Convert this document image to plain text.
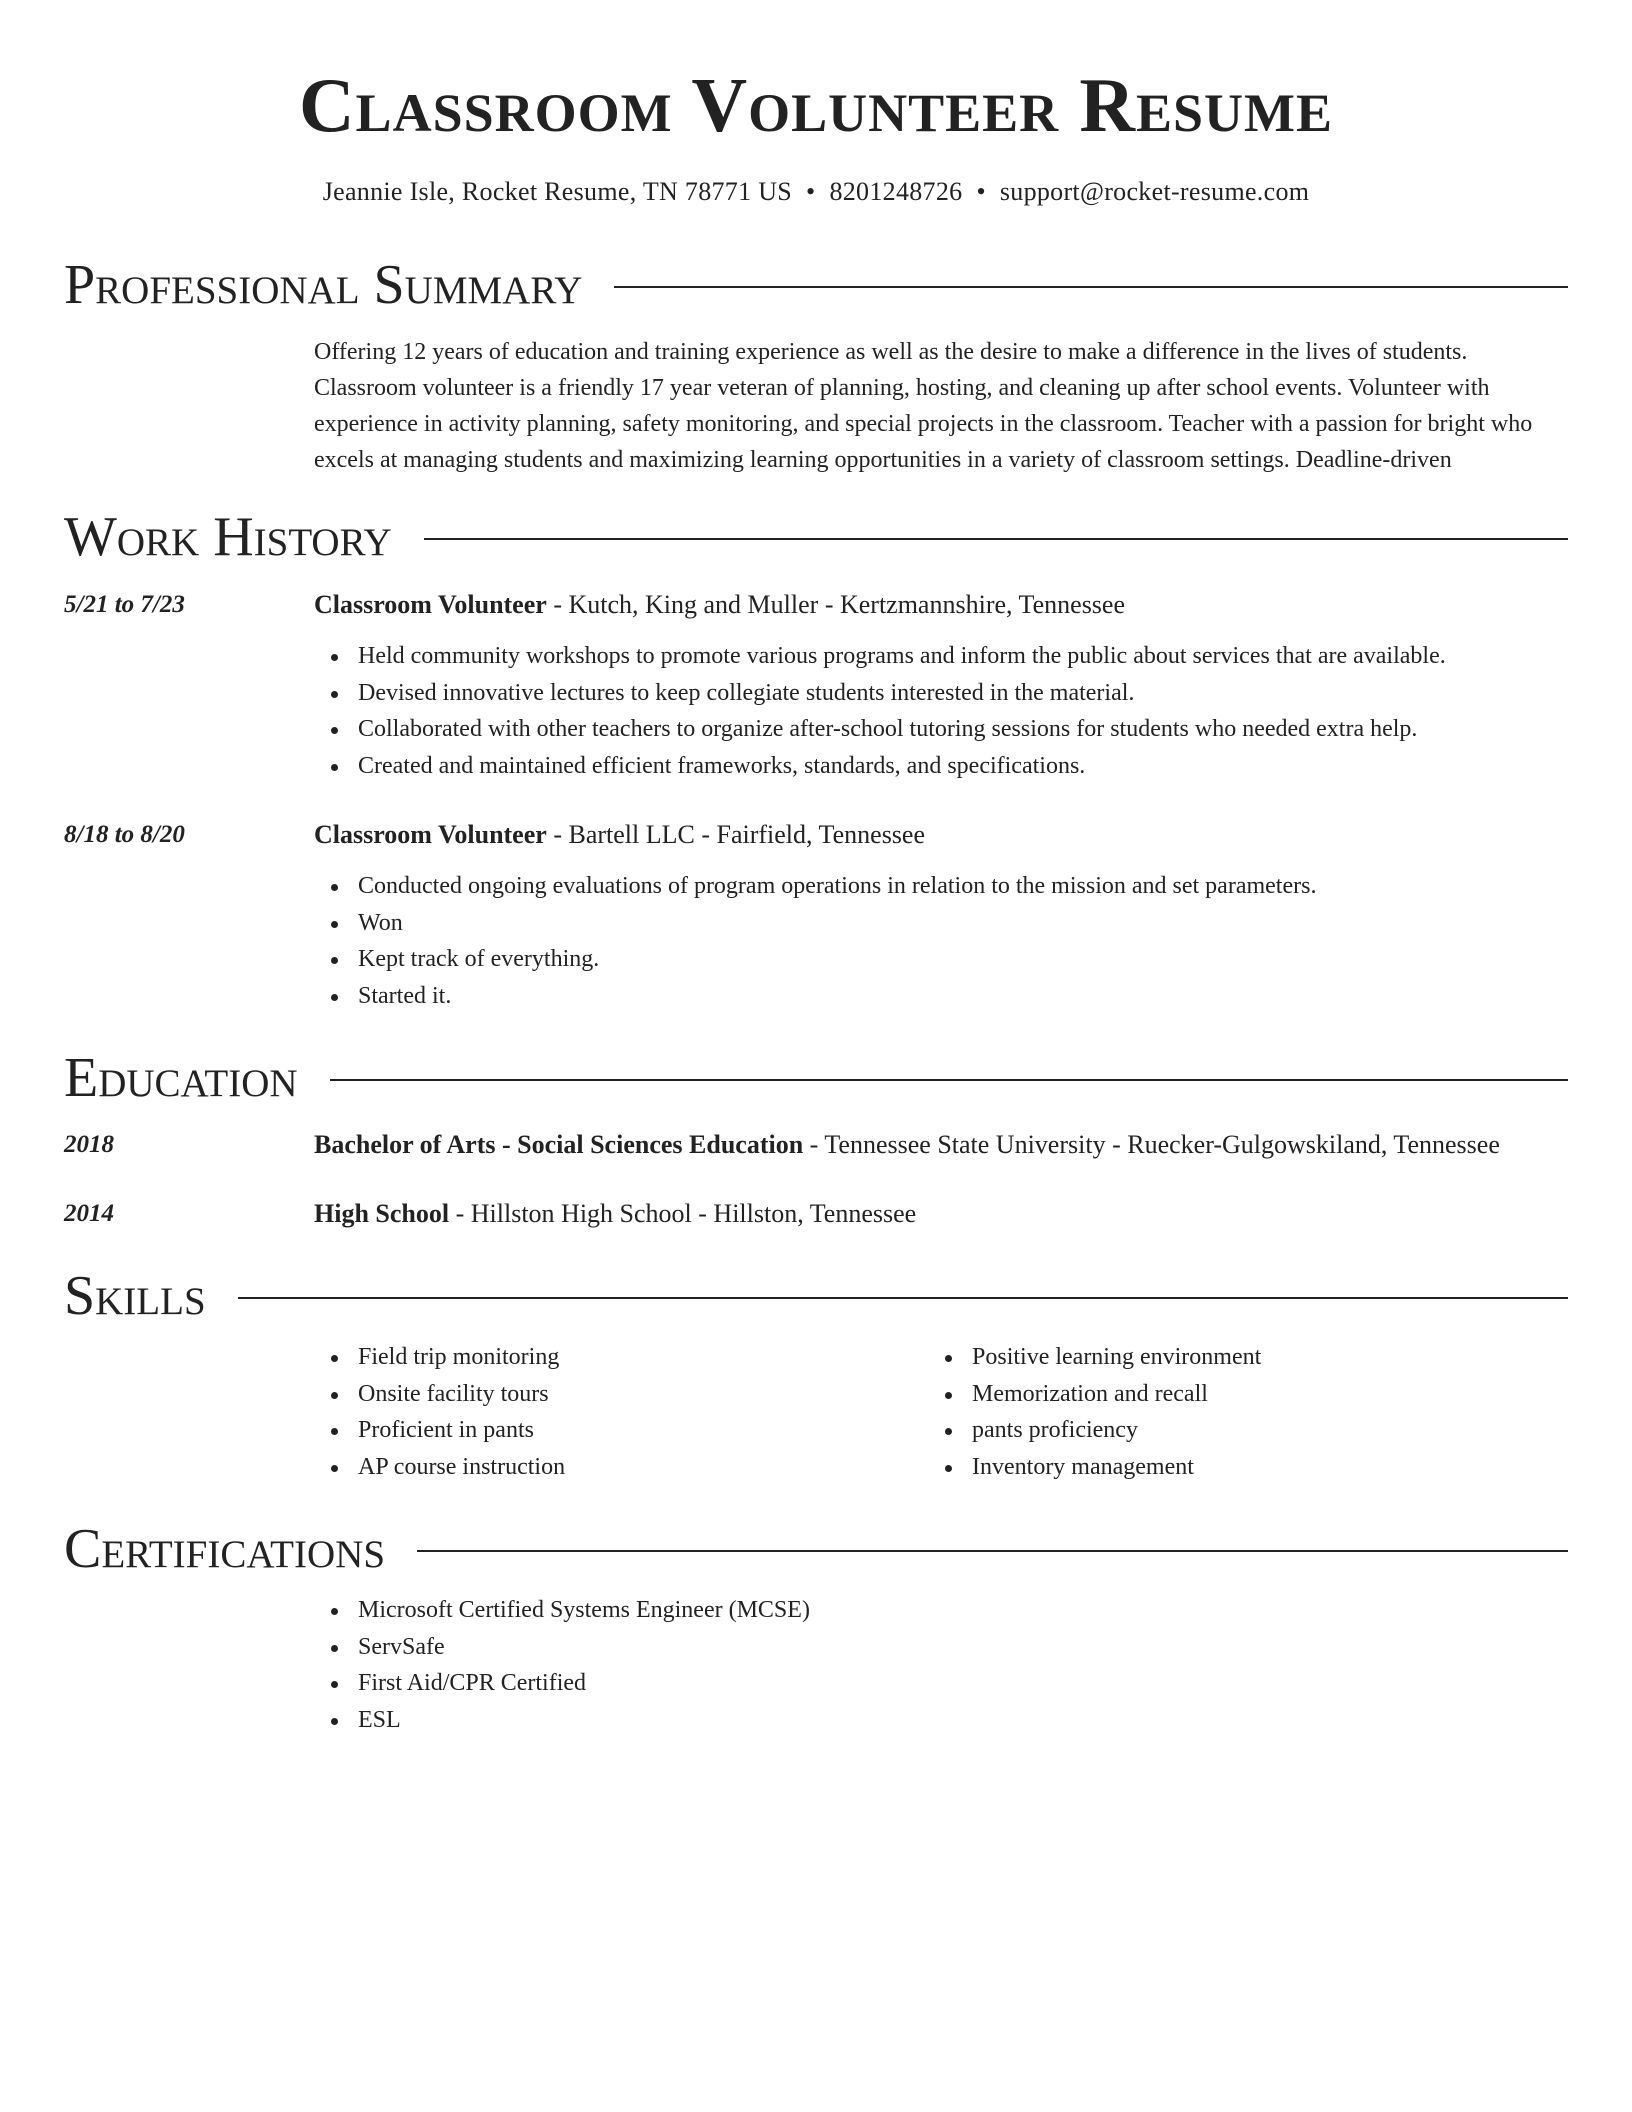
Classroom Volunteer Resume
Jeannie Isle, Rocket Resume, TN 78771 US • 8201248726 • support@rocket-resume.com
Professional Summary

Offering 12 years of education and training experience as well as the desire to make a difference in the lives of students. Classroom volunteer is a friendly 17 year veteran of planning, hosting, and cleaning up after school events. Volunteer with experience in activity planning, safety monitoring, and special projects in the classroom. Teacher with a passion for bright who excels at managing students and maximizing learning opportunities in a variety of classroom settings. Deadline-driven

Work History
5/21 to 7/23	Classroom Volunteer - Kutch, King and Muller - Kertzmannshire, Tennessee
Held community workshops to promote various programs and inform the public about services that are available.
Devised innovative lectures to keep collegiate students interested in the material.
Collaborated with other teachers to organize after-school tutoring sessions for students who needed extra help.
Created and maintained efficient frameworks, standards, and specifications.
8/18 to 8/20	Classroom Volunteer - Bartell LLC - Fairfield, Tennessee
Conducted ongoing evaluations of program operations in relation to the mission and set parameters.
Won
Kept track of everything.
Started it.
Education
2018	Bachelor of Arts - Social Sciences Education - Tennessee State University - Ruecker-Gulgowskiland, Tennessee
2014	High School - Hillston High School - Hillston, Tennessee
Skills
Field trip monitoring
Onsite facility tours
Proficient in pants
AP course instruction
Positive learning environment
Memorization and recall
pants proficiency
Inventory management
Certifications
Microsoft Certified Systems Engineer (MCSE)
ServSafe
First Aid/CPR Certified
ESL
